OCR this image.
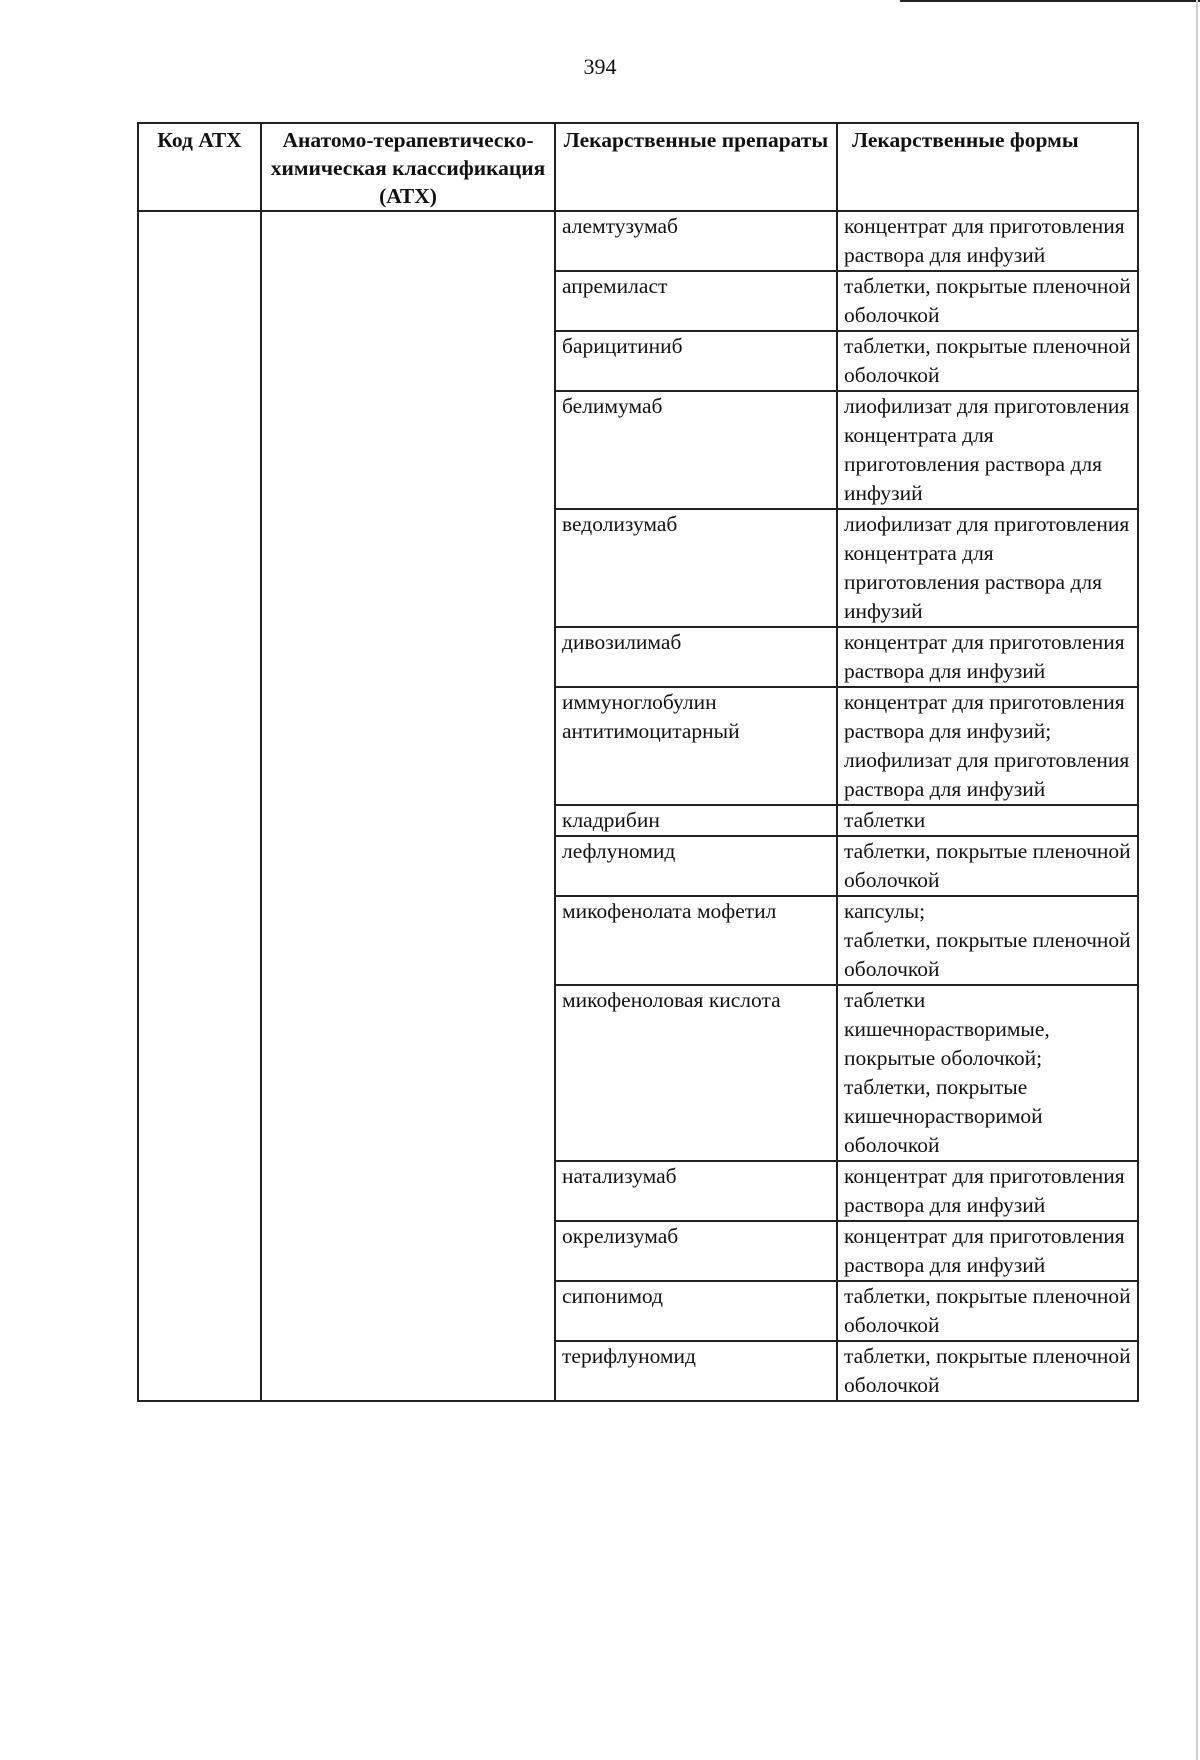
394
Код АТХ	Анатомо-терапевтическо-химическая классификация (АТХ)	Лекарственные препараты	Лекарственные формы
		алемтузумаб	концентрат для приготовления раствора для инфузий

		апремиласт	таблетки, покрытые пленочной оболочкой

		барицитиниб	таблетки, покрытые пленочной оболочкой

		белимумаб	лиофилизат для приготовления концентрата для приготовления раствора для инфузий

		ведолизумаб	лиофилизат для приготовления концентрата для приготовления раствора для инфузий

		дивозилимаб	концентрат для приготовления раствора для инфузий

		иммуноглобулин антитимоцитарный	концентрат для приготовления раствора для инфузий;
лиофилизат для приготовления раствора для инфузий

		кладрибин	таблетки

		лефлуномид	таблетки, покрытые пленочной оболочкой

		микофенолата мофетил	капсулы;
таблетки, покрытые пленочной оболочкой

		микофеноловая кислота	таблетки кишечнорастворимые, покрытые оболочкой;
таблетки, покрытые кишечнорастворимой оболочкой

		натализумаб	концентрат для приготовления раствора для инфузий

		окрелизумаб	концентрат для приготовления раствора для инфузий

		сипонимод	таблетки, покрытые пленочной оболочкой

		терифлуномид	таблетки, покрытые пленочной оболочкой
